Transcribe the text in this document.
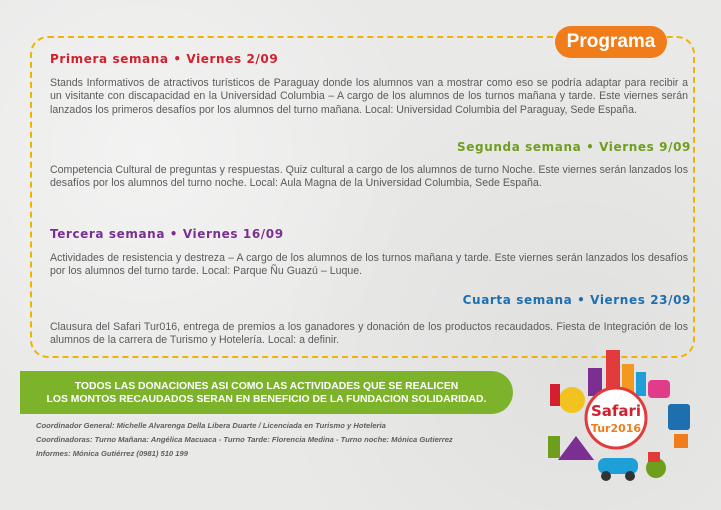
Programa
Primera semana • Viernes 2/09

Stands Informativos de atractivos turísticos de Paraguay donde los alumnos van a mostrar como eso se podría adaptar para recibir a un visitante con discapacidad en la Universidad Columbia – A cargo de los alumnos de los turnos mañana y tarde. Este viernes serán lanzados los primeros desafíos por los alumnos del turno mañana. Local: Universidad Columbia del Paraguay, Sede España.

Segunda semana • Viernes 9/09

Competencia Cultural de preguntas y respuestas. Quiz cultural a cargo de los alumnos de turno Noche. Este viernes serán lanzados los desafíos por los alumnos del turno noche. Local: Aula Magna de la Universidad Columbia, Sede España.

Tercera semana • Viernes 16/09

Actividades de resistencia y destreza – A cargo de los alumnos de los turnos mañana y tarde. Este viernes serán lanzados los desafíos por los alumnos del turno tarde. Local: Parque Ñu Guazú – Luque.

Cuarta semana • Viernes 23/09

Clausura del Safari Tur016, entrega de premios a los ganadores y donación de los productos recaudados. Fiesta de Integración de los alumnos de la carrera de Turismo y Hotelería. Local: a definir.

TODOS LAS DONACIONES ASI COMO LAS ACTIVIDADES QUE SE REALICEN
LOS MONTOS RECAUDADOS SERAN EN BENEFICIO DE LA FUNDACION SOLIDARIDAD.
Coordinador General: Michelle Alvarenga Della Libera Duarte / Licenciada en Turismo y Hoteleria
Coordinadoras: Turno Mañana: Angélica Macuaca - Turno Tarde: Florencia Medina - Turno noche: Mónica Gutierrez
Informes: Mónica Gutiérrez (0981) 510 199
Safari
Tur2016
